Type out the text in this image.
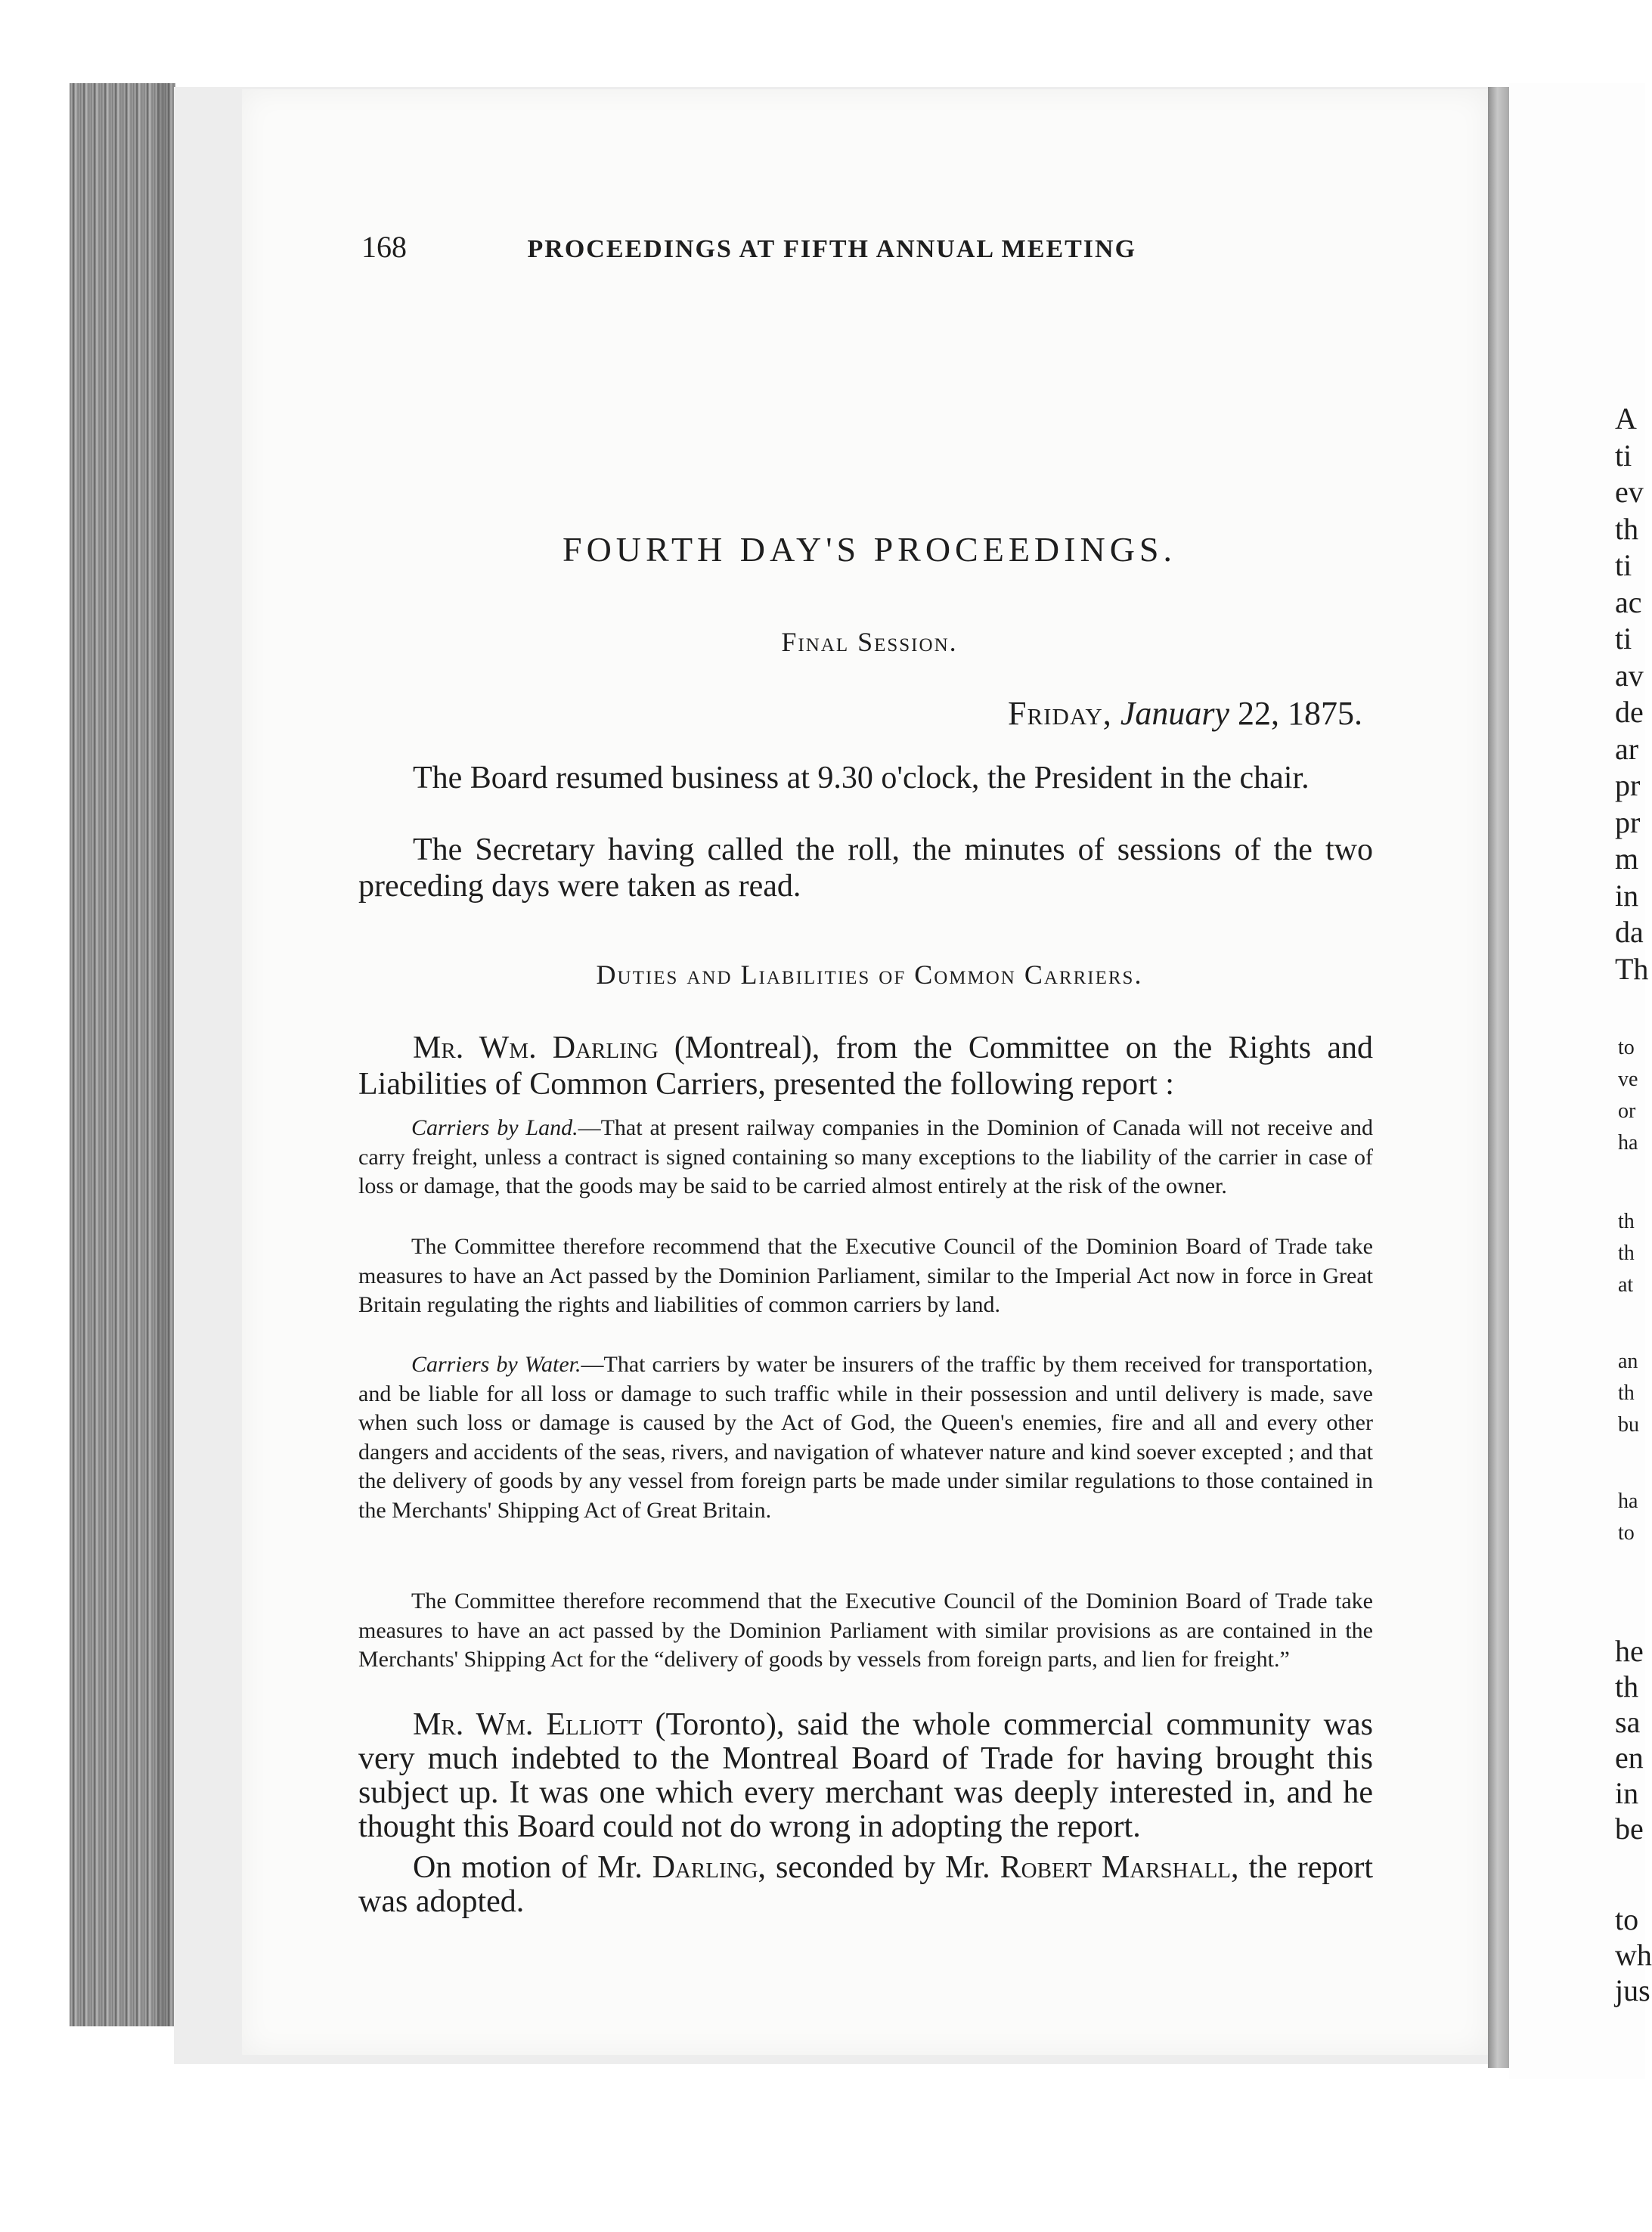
168	PROCEEDINGS AT FIFTH ANNUAL MEETING
FOURTH DAY'S PROCEEDINGS.
Final Session.
Friday, January 22, 1875.

The Board resumed business at 9.30 o'clock, the President in the chair.

The Secretary having called the roll, the minutes of sessions of the two preceding days were taken as read.

Duties and Liabilities of Common Carriers.

Mr. Wm. Darling (Montreal), from the Committee on the Rights and Liabilities of Common Carriers, presented the following report :

Carriers by Land.—That at present railway companies in the Dominion of Canada will not receive and carry freight, unless a contract is signed containing so many exceptions to the liability of the carrier in case of loss or damage, that the goods may be said to be carried almost entirely at the risk of the owner.

The Committee therefore recommend that the Executive Council of the Dominion Board of Trade take measures to have an Act passed by the Dominion Parliament, similar to the Imperial Act now in force in Great Britain regulating the rights and liabilities of common carriers by land.

Carriers by Water.—That carriers by water be insurers of the traffic by them received for transportation, and be liable for all loss or damage to such traffic while in their possession and until delivery is made, save when such loss or damage is caused by the Act of God, the Queen's enemies, fire and all and every other dangers and accidents of the seas, rivers, and navigation of whatever nature and kind soever excepted ; and that the delivery of goods by any vessel from foreign parts be made under similar regulations to those contained in the Merchants' Shipping Act of Great Britain.

The Committee therefore recommend that the Executive Council of the Dominion Board of Trade take measures to have an act passed by the Dominion Parliament with similar provisions as are contained in the Merchants' Shipping Act for the “delivery of goods by vessels from foreign parts, and lien for freight.”

Mr. Wm. Elliott (Toronto), said the whole commercial community was very much indebted to the Montreal Board of Trade for having brought this subject up. It was one which every merchant was deeply interested in, and he thought this Board could not do wrong in adopting the report.

On motion of Mr. Darling, seconded by Mr. Robert Marshall, the report was adopted.

A
ti
ev
th
ti
ac
ti
av
de
ar
pr
pr
m
in
da
Th
to
ve
or
ha
th
th
at
an
th
bu
ha
to
he
th
sa
en
in
be
to
wh
jus
